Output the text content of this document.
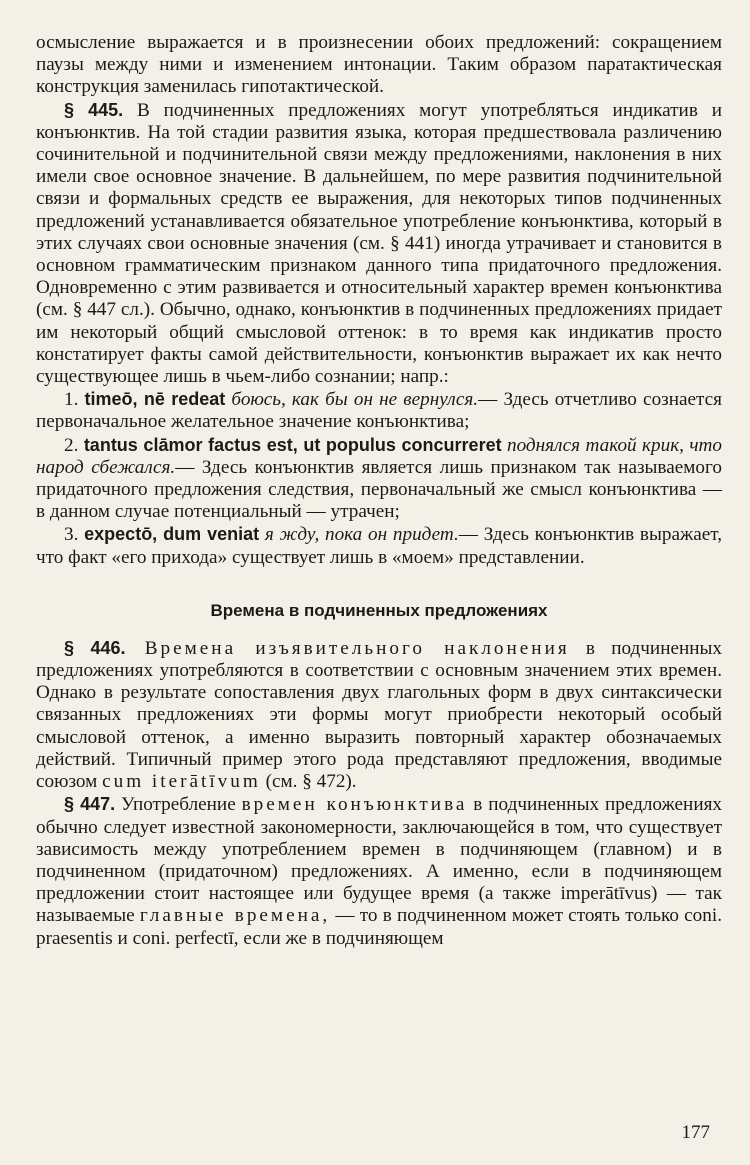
осмысление выражается и в произнесении обоих предложений: сокращением паузы между ними и изменением интонации. Таким образом паратактическая конструкция заменилась гипотактической.

§ 445. В подчиненных предложениях могут употребляться индикатив и конъюнктив. На той стадии развития языка, которая предшествовала различению сочинительной и подчинительной связи между предложениями, наклонения в них имели свое основное значение. В дальнейшем, по мере развития подчинительной связи и формальных средств ее выражения, для некоторых типов подчиненных предложений устанавливается обязательное употребление конъюнктива, который в этих случаях свои основные значения (см. § 441) иногда утрачивает и становится в основном грамматическим признаком данного типа придаточного предложения. Одновременно с этим развивается и относительный характер времен конъюнктива (см. § 447 сл.). Обычно, однако, конъюнктив в подчиненных предложениях придает им некоторый общий смысловой оттенок: в то время как индикатив просто констатирует факты самой действительности, конъюнктив выражает их как нечто существующее лишь в чьем-либо сознании; напр.:

1. timeō, nē redeat боюсь, как бы он не вернулся.— Здесь отчетливо сознается первоначальное желательное значение конъюнктива;

2. tantus clāmor factus est, ut populus concurreret поднялся такой крик, что народ сбежался.— Здесь конъюнктив является лишь признаком так называемого придаточного предложения следствия, первоначальный же смысл конъюнктива — в данном случае потенциальный — утрачен;

3. expectō, dum veniat я жду, пока он придет.— Здесь конъюнктив выражает, что факт «его прихода» существует лишь в «моем» представлении.

Времена в подчиненных предложениях

§ 446. Времена изъявительного наклонения в подчиненных предложениях употребляются в соответствии с основным значением этих времен. Однако в результате сопоставления двух глагольных форм в двух синтаксически связанных предложениях эти формы могут приобрести некоторый особый смысловой оттенок, а именно выразить повторный характер обозначаемых действий. Типичный пример этого рода представляют предложения, вводимые союзом cum iterātīvum (см. § 472).

§ 447. Употребление времен конъюнктива в подчиненных предложениях обычно следует известной закономерности, заключающейся в том, что существует зависимость между употреблением времен в подчиняющем (главном) и в подчиненном (придаточном) предложениях. А именно, если в подчиняющем предложении стоит настоящее или будущее время (а также imperātīvus) — так называемые главные времена, — то в подчиненном может стоять только coni. praesentis и coni. perfectī, если же в подчиняющем

177
